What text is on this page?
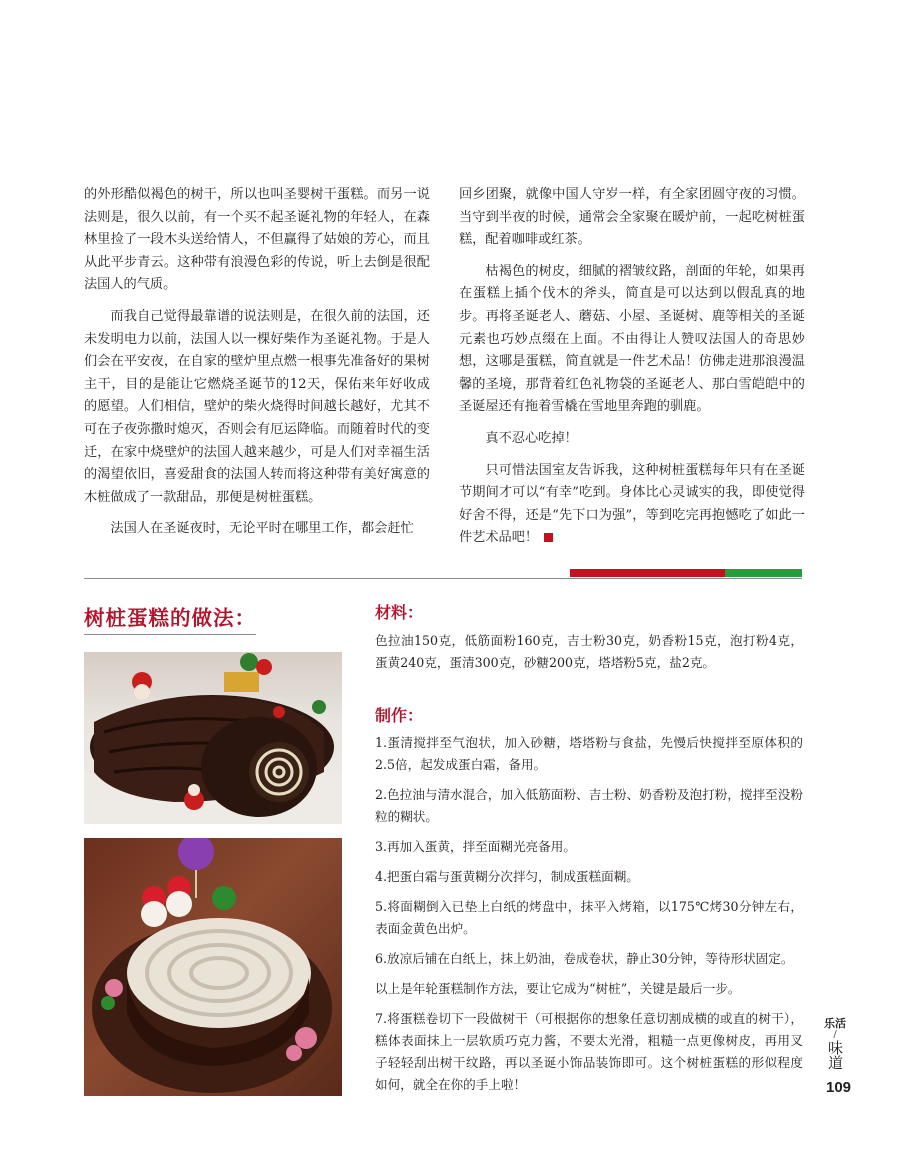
的外形酷似褐色的树干，所以也叫圣婴树干蛋糕。而另一说法则是，很久以前，有一个买不起圣诞礼物的年轻人，在森林里捡了一段木头送给情人，不但赢得了姑娘的芳心，而且从此平步青云。这种带有浪漫色彩的传说，听上去倒是很配法国人的气质。

而我自己觉得最靠谱的说法则是，在很久前的法国，还未发明电力以前，法国人以一棵好柴作为圣诞礼物。于是人们会在平安夜，在自家的壁炉里点燃一根事先准备好的果树主干，目的是能让它燃烧圣诞节的12天，保佑来年好收成的愿望。人们相信，壁炉的柴火烧得时间越长越好，尤其不可在子夜弥撒时熄灭，否则会有厄运降临。而随着时代的变迁，在家中烧壁炉的法国人越来越少，可是人们对幸福生活的渴望依旧，喜爱甜食的法国人转而将这种带有美好寓意的木桩做成了一款甜品，那便是树桩蛋糕。

法国人在圣诞夜时，无论平时在哪里工作，都会赶忙

回乡团聚，就像中国人守岁一样，有全家团圆守夜的习惯。当守到半夜的时候，通常会全家聚在暖炉前，一起吃树桩蛋糕，配着咖啡或红茶。

枯褐色的树皮，细腻的褶皱纹路，剖面的年轮，如果再在蛋糕上插个伐木的斧头，简直是可以达到以假乱真的地步。再将圣诞老人、蘑菇、小屋、圣诞树、鹿等相关的圣诞元素也巧妙点缀在上面。不由得让人赞叹法国人的奇思妙想，这哪是蛋糕，简直就是一件艺术品！仿佛走进那浪漫温馨的圣境，那背着红色礼物袋的圣诞老人、那白雪皑皑中的圣诞屋还有拖着雪橇在雪地里奔跑的驯鹿。

真不忍心吃掉！

只可惜法国室友告诉我，这种树桩蛋糕每年只有在圣诞节期间才可以“有幸”吃到。身体比心灵诚实的我，即使觉得好舍不得，还是“先下口为强”，等到吃完再抱憾吃了如此一件艺术品吧！

树桩蛋糕的做法：	材料：
色拉油150克，低筋面粉160克，吉士粉30克，奶香粉15克，泡打粉4克，蛋黄240克，蛋清300克，砂糖200克，塔塔粉5克，盐2克。
制作：

1.蛋清搅拌至气泡状，加入砂糖，塔塔粉与食盐，先慢后快搅拌至原体积的2.5倍，起发成蛋白霜，备用。

2.色拉油与清水混合，加入低筋面粉、吉士粉、奶香粉及泡打粉，搅拌至没粉粒的糊状。

3.再加入蛋黄，拌至面糊光亮备用。

4.把蛋白霜与蛋黄糊分次拌匀，制成蛋糕面糊。

5.将面糊倒入已垫上白纸的烤盘中，抹平入烤箱，以175℃烤30分钟左右，表面金黄色出炉。

6.放凉后铺在白纸上，抹上奶油，卷成卷状，静止30分钟，等待形状固定。

以上是年轮蛋糕制作方法，要让它成为“树桩”，关键是最后一步。

7.将蛋糕卷切下一段做树干（可根据你的想象任意切割成横的或直的树干），糕体表面抹上一层软质巧克力酱，不要太光滑，粗糙一点更像树皮，再用叉子轻轻刮出树干纹路，再以圣诞小饰品装饰即可。这个树桩蛋糕的形似程度如何，就全在你的手上啦！

乐活
/
味道
109
